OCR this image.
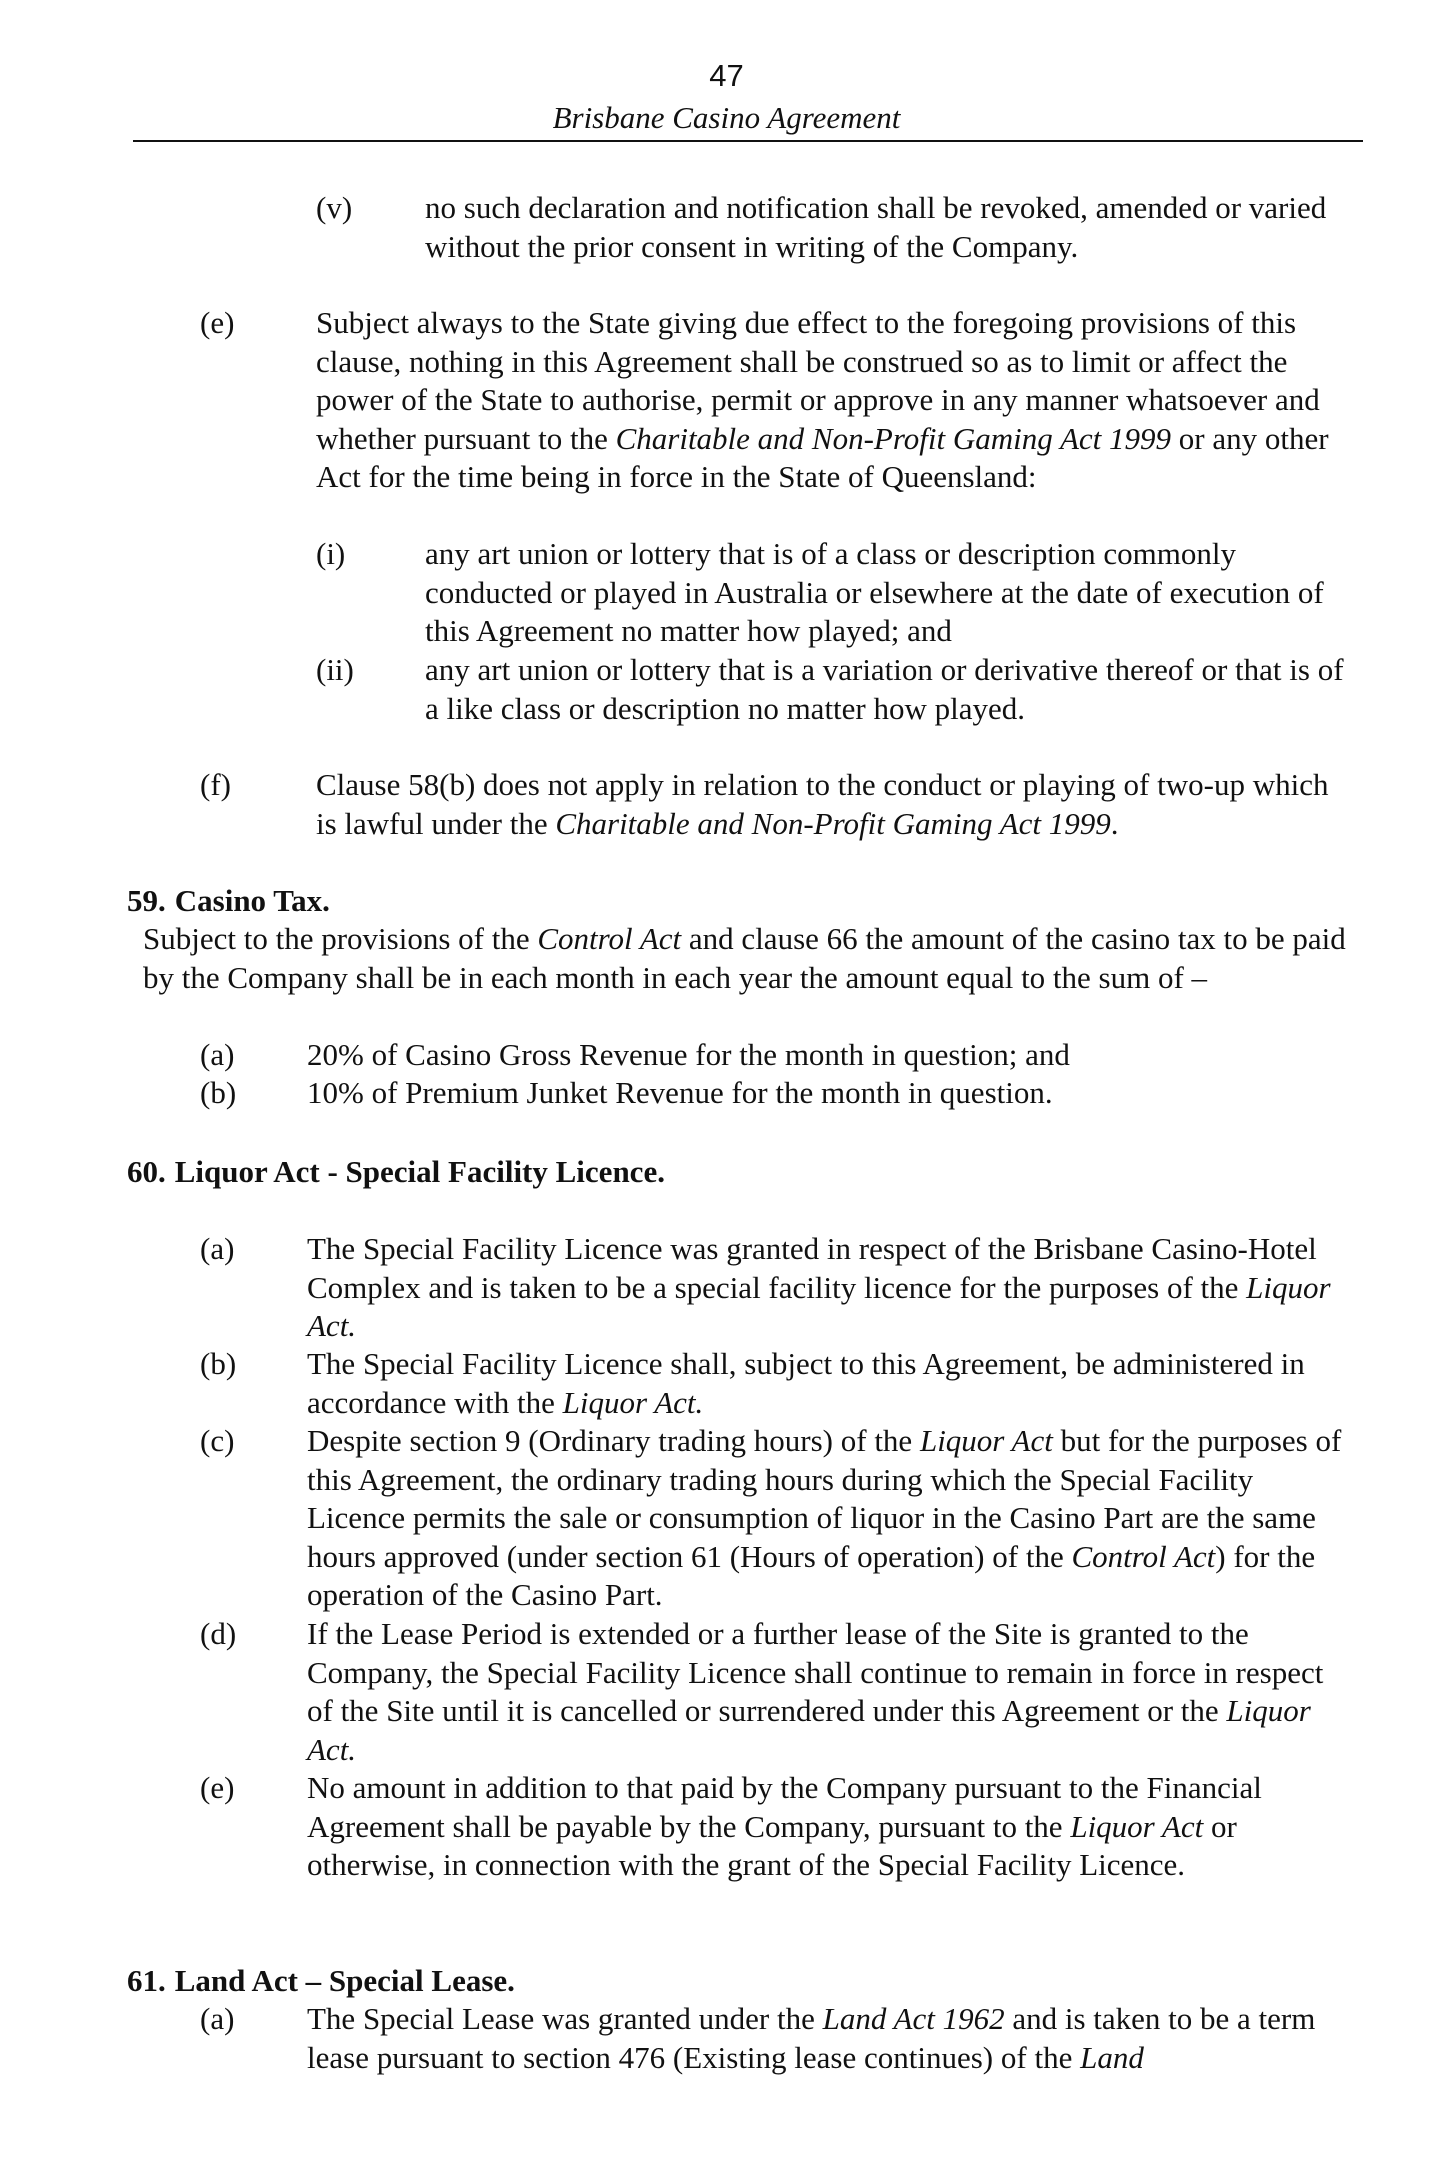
47
Brisbane Casino Agreement
(v) no such declaration and notification shall be revoked, amended or varied without the prior consent in writing of the Company.

(e)	Subject always to the State giving due effect to the foregoing provisions of this clause, nothing in this Agreement shall be construed so as to limit or affect the power of the State to authorise, permit or approve in any manner whatsoever and whether pursuant to the Charitable and Non-Profit Gaming Act 1999 or any other Act for the time being in force in the State of Queensland:

(i)	any art union or lottery that is of a class or description commonly conducted or played in Australia or elsewhere at the date of execution of this Agreement no matter how played; and

(ii) any art union or lottery that is a variation or derivative thereof or that is of a like class or description no matter how played.

(f)	Clause 58(b) does not apply in relation to the conduct or playing of two-up which is lawful under the Charitable and Non-Profit Gaming Act 1999.

59. Casino Tax.

Subject to the provisions of the Control Act and clause 66 the amount of the casino tax to be paid by the Company shall be in each month in each year the amount equal to the sum of –

(a) 20% of Casino Gross Revenue for the month in question; and

(b) 10% of Premium Junket Revenue for the month in question.

60. Liquor Act - Special Facility Licence.
(a) The Special Facility Licence was granted in respect of the Brisbane Casino-Hotel Complex and is taken to be a special facility licence for the purposes of the Liquor Act.

(b) The Special Facility Licence shall, subject to this Agreement, be administered in accordance with the Liquor Act.

(c) Despite section 9 (Ordinary trading hours) of the Liquor Act but for the purposes of this Agreement, the ordinary trading hours during which the Special Facility Licence permits the sale or consumption of liquor in the Casino Part are the same hours approved (under section 61 (Hours of operation) of the Control Act) for the operation of the Casino Part.

(d) If the Lease Period is extended or a further lease of the Site is granted to the Company, the Special Facility Licence shall continue to remain in force in respect of the Site until it is cancelled or surrendered under this Agreement or the Liquor Act.

(e) No amount in addition to that paid by the Company pursuant to the Financial Agreement shall be payable by the Company, pursuant to the Liquor Act or otherwise, in connection with the grant of the Special Facility Licence.

61. Land Act – Special Lease.
(a) The Special Lease was granted under the Land Act 1962 and is taken to be a term lease pursuant to section 476 (Existing lease continues) of the Land
